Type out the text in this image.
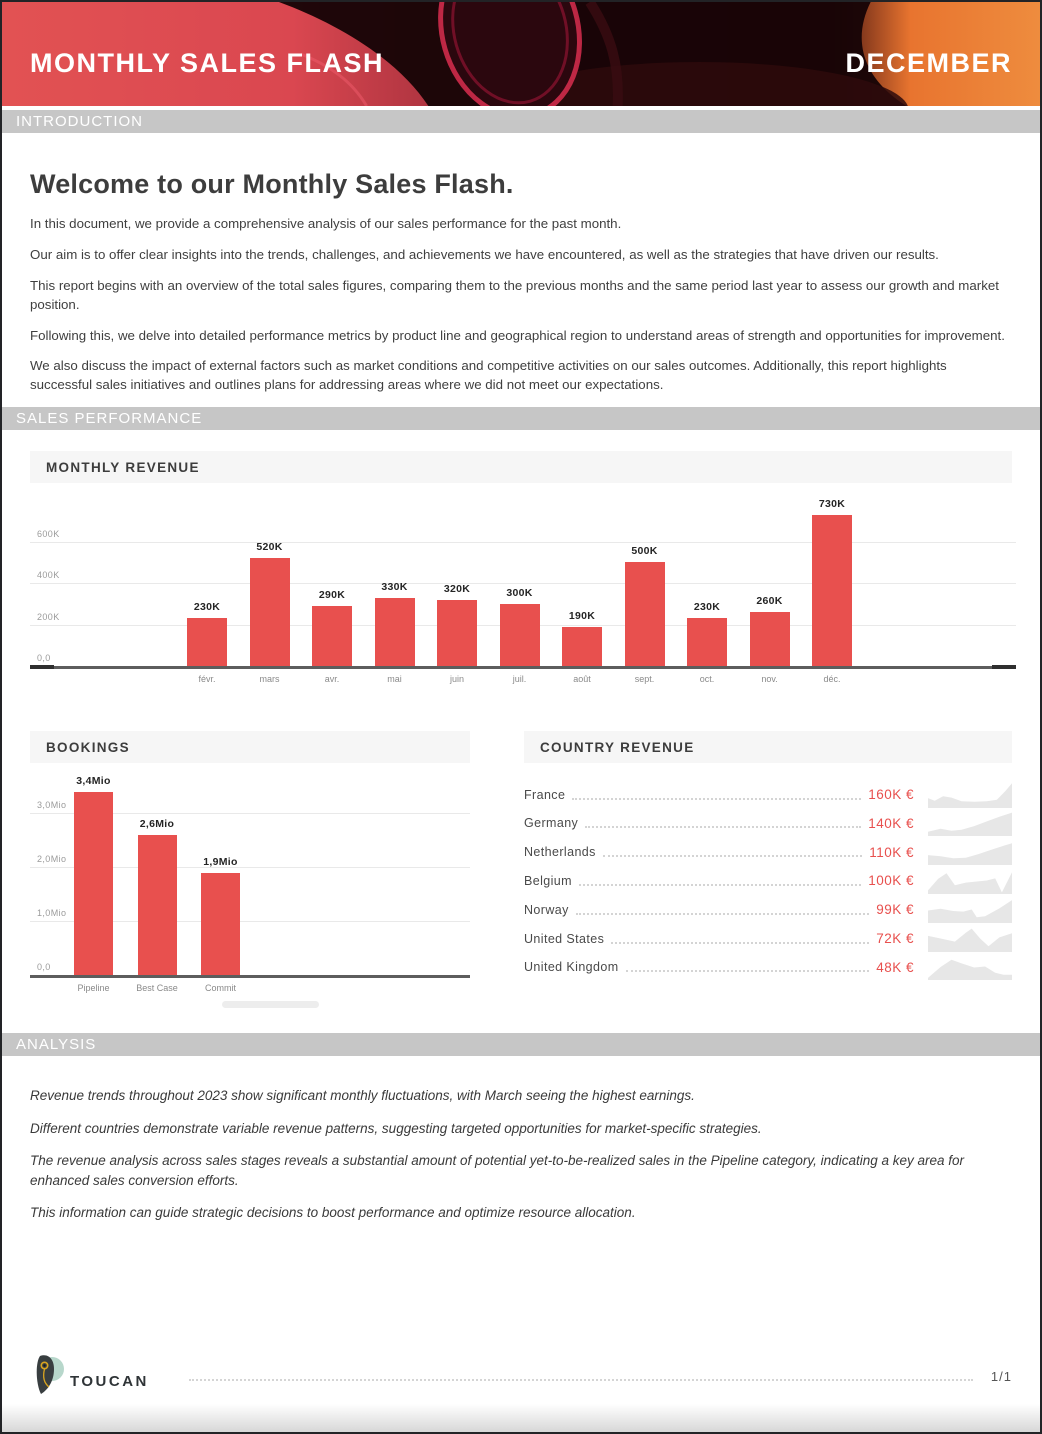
MONTHLY SALES FLASH	DECEMBER
INTRODUCTION
Welcome to our Monthly Sales Flash.

In this document, we provide a comprehensive analysis of our sales performance for the past month.

Our aim is to offer clear insights into the trends, challenges, and achievements we have encountered, as well as the strategies that have driven our results.

This report begins with an overview of the total sales figures, comparing them to the previous months and the same period last year to assess our growth and market position.

Following this, we delve into detailed performance metrics by product line and geographical region to understand areas of strength and opportunities for improvement.

We also discuss the impact of external factors such as market conditions and competitive activities on our sales outcomes. Additionally, this report highlights successful sales initiatives and outlines plans for addressing areas where we did not meet our expectations.

SALES PERFORMANCE
MONTHLY REVENUE
600K
400K
200K
0,0
230K
févr.
520K
mars
290K
avr.
330K
mai
320K
juin
300K
juil.
190K
août
500K
sept.
230K
oct.
260K
nov.
730K
déc.
BOOKINGS
3,0Mio
2,0Mio
1,0Mio
0,0
3,4Mio
Pipeline
2,6Mio
Best Case
1,9Mio
Commit
COUNTRY REVENUE
France	160K €
Germany	140K €
Netherlands	110K €
Belgium	100K €
Norway	99K €
United States	72K €
United Kingdom	48K €
ANALYSIS

Revenue trends throughout 2023 show significant monthly fluctuations, with March seeing the highest earnings.

Different countries demonstrate variable revenue patterns, suggesting targeted opportunities for market-specific strategies.

The revenue analysis across sales stages reveals a substantial amount of potential yet-to-be-realized sales in the Pipeline category, indicating a key area for enhanced sales conversion efforts.

This information can guide strategic decisions to boost performance and optimize resource allocation.

TOUCAN	1/1
